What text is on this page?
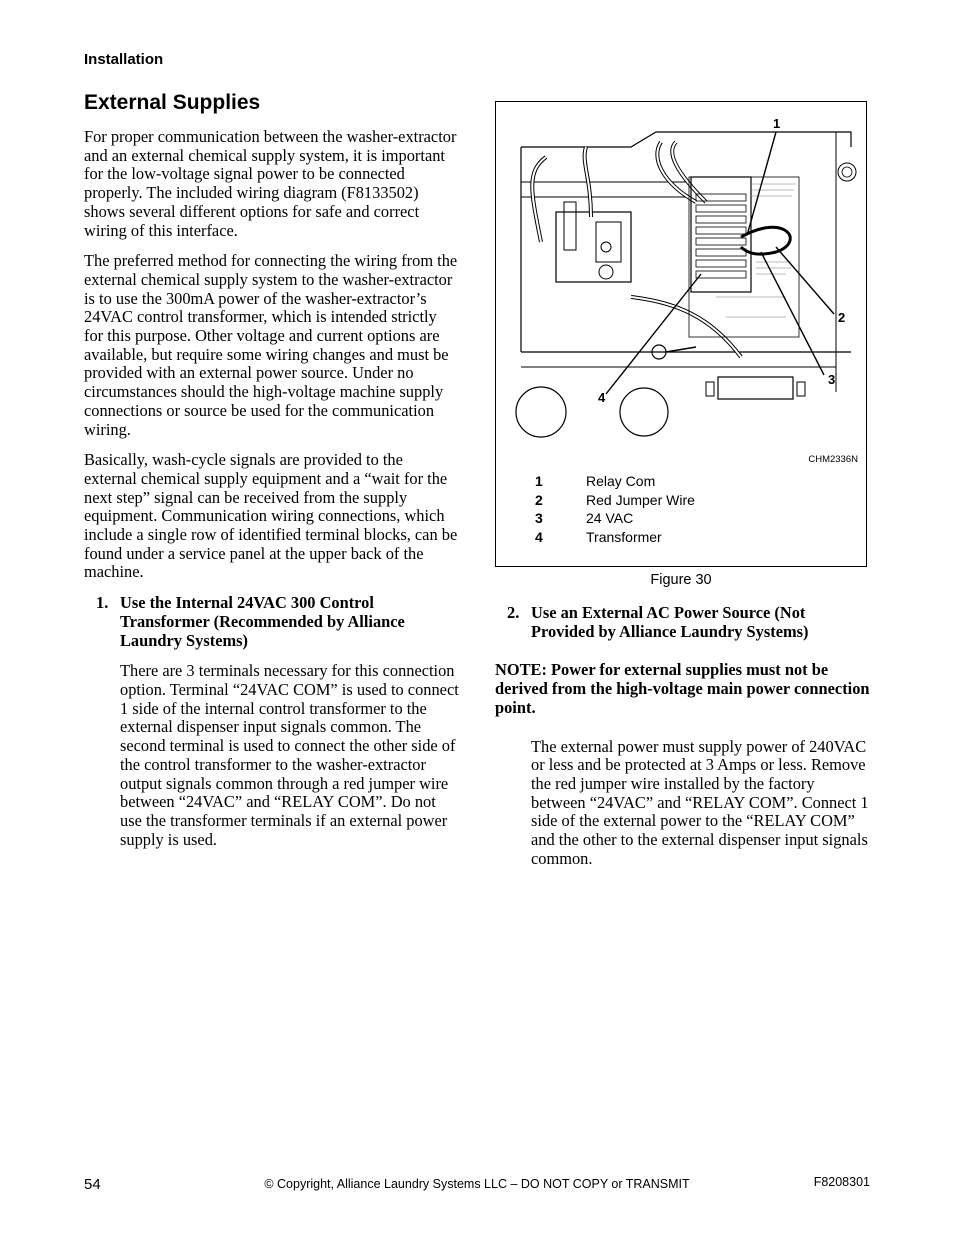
Installation
External Supplies

For proper communication between the washer-extractor and an external chemical supply system, it is important for the low-voltage signal power to be connected properly. The included wiring diagram (F8133502) shows several different options for safe and correct wiring of this interface.

The preferred method for connecting the wiring from the external chemical supply system to the washer-extractor is to use the 300mA power of the washer-extractor’s 24VAC control transformer, which is intended strictly for this purpose. Other voltage and current options are available, but require some wiring changes and must be provided with an external power source. Under no circumstances should the high-voltage machine supply connections or source be used for the communication wiring.

Basically, wash-cycle signals are provided to the external chemical supply equipment and a “wait for the next step” signal can be received from the supply equipment. Communication wiring connections, which include a single row of identified terminal blocks, can be found under a service panel at the upper back of the machine.

1. Use the Internal 24VAC 300 Control Transformer (Recommended by Alliance Laundry Systems)

There are 3 terminals necessary for this connection option. Terminal “24VAC COM” is used to connect 1 side of the internal control transformer to the external dispenser input signals common. The second terminal is used to connect the other side of the control transformer to the washer-extractor output signals common through a red jumper wire between “24VAC” and “RELAY COM”. Do not use the transformer terminals if an external power supply is used.

1
2
3
4
CHM2336N
1	Relay Com
2	Red Jumper Wire
3	24 VAC
4	Transformer
Figure 30
2. Use an External AC Power Source (Not Provided by Alliance Laundry Systems)

NOTE: Power for external supplies must not be derived from the high-voltage main power connection point.

The external power must supply power of 240VAC or less and be protected at 3 Amps or less. Remove the red jumper wire installed by the factory between “24VAC” and “RELAY COM”. Connect 1 side of the external power to the “RELAY COM” and the other to the external dispenser input signals common.

54	© Copyright, Alliance Laundry Systems LLC – DO NOT COPY or TRANSMIT	F8208301
